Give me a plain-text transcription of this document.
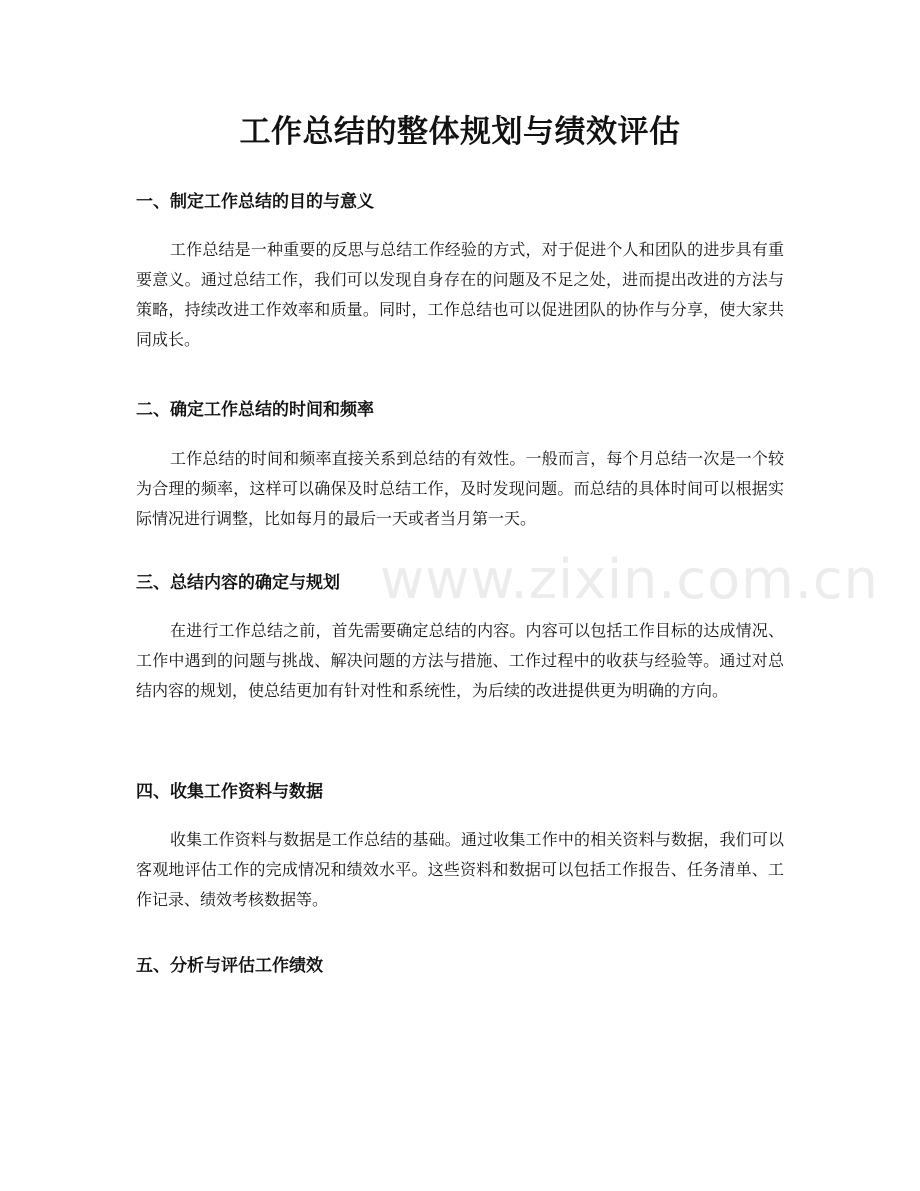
工作总结的整体规划与绩效评估
www.zixin.com.cn
一、制定工作总结的目的与意义

工作总结是一种重要的反思与总结工作经验的方式，对于促进个人和团队的进步具有重要意义。通过总结工作，我们可以发现自身存在的问题及不足之处，进而提出改进的方法与策略，持续改进工作效率和质量。同时，工作总结也可以促进团队的协作与分享，使大家共同成长。

二、确定工作总结的时间和频率

工作总结的时间和频率直接关系到总结的有效性。一般而言，每个月总结一次是一个较为合理的频率，这样可以确保及时总结工作，及时发现问题。而总结的具体时间可以根据实际情况进行调整，比如每月的最后一天或者当月第一天。

三、总结内容的确定与规划

在进行工作总结之前，首先需要确定总结的内容。内容可以包括工作目标的达成情况、工作中遇到的问题与挑战、解决问题的方法与措施、工作过程中的收获与经验等。通过对总结内容的规划，使总结更加有针对性和系统性，为后续的改进提供更为明确的方向。

四、收集工作资料与数据

收集工作资料与数据是工作总结的基础。通过收集工作中的相关资料与数据，我们可以客观地评估工作的完成情况和绩效水平。这些资料和数据可以包括工作报告、任务清单、工作记录、绩效考核数据等。

五、分析与评估工作绩效
